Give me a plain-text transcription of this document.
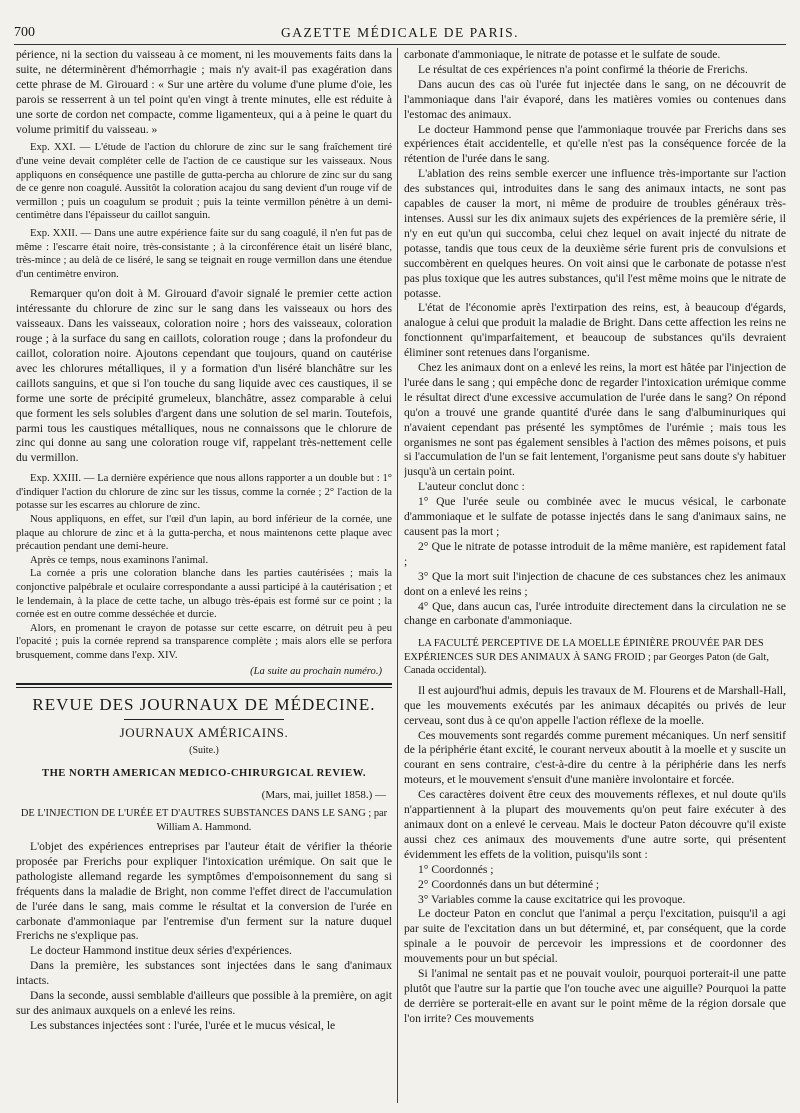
700	GAZETTE MÉDICALE DE PARIS.

périence, ni la section du vaisseau à ce moment, ni les mouvements faits dans la suite, ne déterminèrent d'hémorrhagie ; mais n'y avait-il pas exagération dans cette phrase de M. Girouard : « Sur une artère du volume d'une plume d'oie, les parois se resserrent à un tel point qu'en vingt à trente minutes, elle est réduite à une sorte de cordon net compacte, comme ligamenteux, qui a à peine le quart du volume primitif du vaisseau. »

Exp. XXI. — L'étude de l'action du chlorure de zinc sur le sang fraîchement tiré d'une veine devait compléter celle de l'action de ce caustique sur les vaisseaux. Nous appliquons en conséquence une pastille de gutta-percha au chlorure de zinc sur du sang de ce genre non coagulé. Aussitôt la coloration acajou du sang devient d'un rouge vif de vermillon ; puis un coagulum se produit ; puis la teinte vermillon pénètre à un demi-centimètre dans l'épaisseur du caillot sanguin.

Exp. XXII. — Dans une autre expérience faite sur du sang coagulé, il n'en fut pas de même : l'escarre était noire, très-consistante ; à la circonférence était un liséré blanc, très-mince ; au delà de ce liséré, le sang se teignait en rouge vermillon dans une étendue d'un centimètre environ.

Remarquer qu'on doit à M. Girouard d'avoir signalé le premier cette action intéressante du chlorure de zinc sur le sang dans les vaisseaux ou hors des vaisseaux. Dans les vaisseaux, coloration noire ; hors des vaisseaux, coloration rouge ; à la surface du sang en caillots, coloration rouge ; dans la profondeur du caillot, coloration noire. Ajoutons cependant que toujours, quand on cautérise avec les chlorures métalliques, il y a formation d'un liséré blanchâtre sur les caillots sanguins, et que si l'on touche du sang liquide avec ces caustiques, il se forme une sorte de précipité grumeleux, blanchâtre, assez comparable à celui que forment les sels solubles d'argent dans une solution de sel marin. Toutefois, parmi tous les caustiques métalliques, nous ne connaissons que le chlorure de zinc qui donne au sang une coloration rouge vif, rappelant très-nettement celle du vermillon.

Exp. XXIII. — La dernière expérience que nous allons rapporter a un double but : 1° d'indiquer l'action du chlorure de zinc sur les tissus, comme la cornée ; 2° l'action de la potasse sur les escarres au chlorure de zinc.

Nous appliquons, en effet, sur l'œil d'un lapin, au bord inférieur de la cornée, une plaque au chlorure de zinc et à la gutta-percha, et nous maintenons cette plaque avec précaution pendant une demi-heure.

Après ce temps, nous examinons l'animal.

La cornée a pris une coloration blanche dans les parties cautérisées ; mais la conjonctive palpébrale et oculaire correspondante a aussi participé à la cautérisation ; et le lendemain, à la place de cette tache, un albugo très-épais est formé sur ce point ; la cornée est en outre comme desséchée et durcie.

Alors, en promenant le crayon de potasse sur cette escarre, on détruit peu à peu l'opacité ; puis la cornée reprend sa transparence complète ; mais alors elle se perfora brusquement, comme dans l'exp. XIV.

(La suite au prochain numéro.)
REVUE DES JOURNAUX DE MÉDECINE.
JOURNAUX AMÉRICAINS.
(Suite.)
THE NORTH AMERICAN MEDICO-CHIRURGICAL REVIEW.
(Mars, mai, juillet 1858.) —
DE L'INJECTION DE L'URÉE ET D'AUTRES SUBSTANCES DANS LE SANG ; par William A. Hammond.

L'objet des expériences entreprises par l'auteur était de vérifier la théorie proposée par Frerichs pour expliquer l'intoxication urémique. On sait que le pathologiste allemand regarde les symptômes d'empoisonnement du sang si fréquents dans la maladie de Bright, non comme l'effet direct de l'accumulation de l'urée dans le sang, mais comme le résultat et la conversion de l'urée en carbonate d'ammoniaque par l'entremise d'un ferment sur la nature duquel Frerichs ne s'explique pas.

Le docteur Hammond institue deux séries d'expériences.

Dans la première, les substances sont injectées dans le sang d'animaux intacts.

Dans la seconde, aussi semblable d'ailleurs que possible à la première, on agit sur des animaux auxquels on a enlevé les reins.

Les substances injectées sont : l'urée, l'urée et le mucus vésical, le

carbonate d'ammoniaque, le nitrate de potasse et le sulfate de soude.

Le résultat de ces expériences n'a point confirmé la théorie de Frerichs.

Dans aucun des cas où l'urée fut injectée dans le sang, on ne découvrit de l'ammoniaque dans l'air évaporé, dans les matières vomies ou contenues dans l'estomac des animaux.

Le docteur Hammond pense que l'ammoniaque trouvée par Frerichs dans ses expériences était accidentelle, et qu'elle n'est pas la conséquence forcée de la rétention de l'urée dans le sang.

L'ablation des reins semble exercer une influence très-importante sur l'action des substances qui, introduites dans le sang des animaux intacts, ne sont pas capables de causer la mort, ni même de produire de troubles généraux très-intenses. Aussi sur les dix animaux sujets des expériences de la première série, il n'y en eut qu'un qui succomba, celui chez lequel on avait injecté du nitrate de potasse, tandis que tous ceux de la deuxième série furent pris de convulsions et succombèrent en quelques heures. On voit ainsi que le carbonate de potasse n'est pas plus toxique que les autres substances, qu'il l'est même moins que le nitrate de potasse.

L'état de l'économie après l'extirpation des reins, est, à beaucoup d'égards, analogue à celui que produit la maladie de Bright. Dans cette affection les reins ne fonctionnent qu'imparfaitement, et beaucoup de substances qu'ils devraient éliminer sont retenues dans l'organisme.

Chez les animaux dont on a enlevé les reins, la mort est hâtée par l'injection de l'urée dans le sang ; qui empêche donc de regarder l'intoxication urémique comme le résultat direct d'une excessive accumulation de l'urée dans le sang? On répond qu'on a trouvé une grande quantité d'urée dans le sang d'albuminuriques qui n'avaient cependant pas présenté les symptômes de l'urémie ; mais tous les organismes ne sont pas également sensibles à l'action des mêmes poisons, et puis si l'accumulation de l'un se fait lentement, l'organisme peut sans doute s'y habituer jusqu'à un certain point.

L'auteur conclut donc :

1° Que l'urée seule ou combinée avec le mucus vésical, le carbonate d'ammoniaque et le sulfate de potasse injectés dans le sang d'animaux sains, ne causent pas la mort ;

2° Que le nitrate de potasse introduit de la même manière, est rapidement fatal ;

3° Que la mort suit l'injection de chacune de ces substances chez les animaux dont on a enlevé les reins ;

4° Que, dans aucun cas, l'urée introduite directement dans la circulation ne se change en carbonate d'ammoniaque.

LA FACULTÉ PERCEPTIVE DE LA MOELLE ÉPINIÈRE PROUVÉE PAR DES EXPÉRIENCES SUR DES ANIMAUX À SANG FROID ; par Georges Paton (de Galt, Canada occidental).

Il est aujourd'hui admis, depuis les travaux de M. Flourens et de Marshall-Hall, que les mouvements exécutés par les animaux décapités ou privés de leur cerveau, sont dus à ce qu'on appelle l'action réflexe de la moelle.

Ces mouvements sont regardés comme purement mécaniques. Un nerf sensitif de la périphérie étant excité, le courant nerveux aboutit à la moelle et y suscite un courant en sens contraire, c'est-à-dire du centre à la périphérie dans les nerfs moteurs, et le mouvement s'ensuit d'une manière involontaire et forcée.

Ces caractères doivent être ceux des mouvements réflexes, et nul doute qu'ils n'appartiennent à la plupart des mouvements qu'on peut faire exécuter à des animaux dont on a enlevé le cerveau. Mais le docteur Paton découvre qu'il existe aussi chez ces animaux des mouvements d'une autre sorte, qui présentent évidemment les effets de la volition, puisqu'ils sont :

1° Coordonnés ;

2° Coordonnés dans un but déterminé ;

3° Variables comme la cause excitatrice qui les provoque.

Le docteur Paton en conclut que l'animal a perçu l'excitation, puisqu'il a agi par suite de l'excitation dans un but déterminé, et, par conséquent, que la corde spinale a le pouvoir de percevoir les impressions et de coordonner des mouvements pour un but spécial.

Si l'animal ne sentait pas et ne pouvait vouloir, pourquoi porterait-il une patte plutôt que l'autre sur la partie que l'on touche avec une aiguille? Pourquoi la patte de derrière se porterait-elle en avant sur le point même de la région dorsale que l'on irrite? Ces mouvements
